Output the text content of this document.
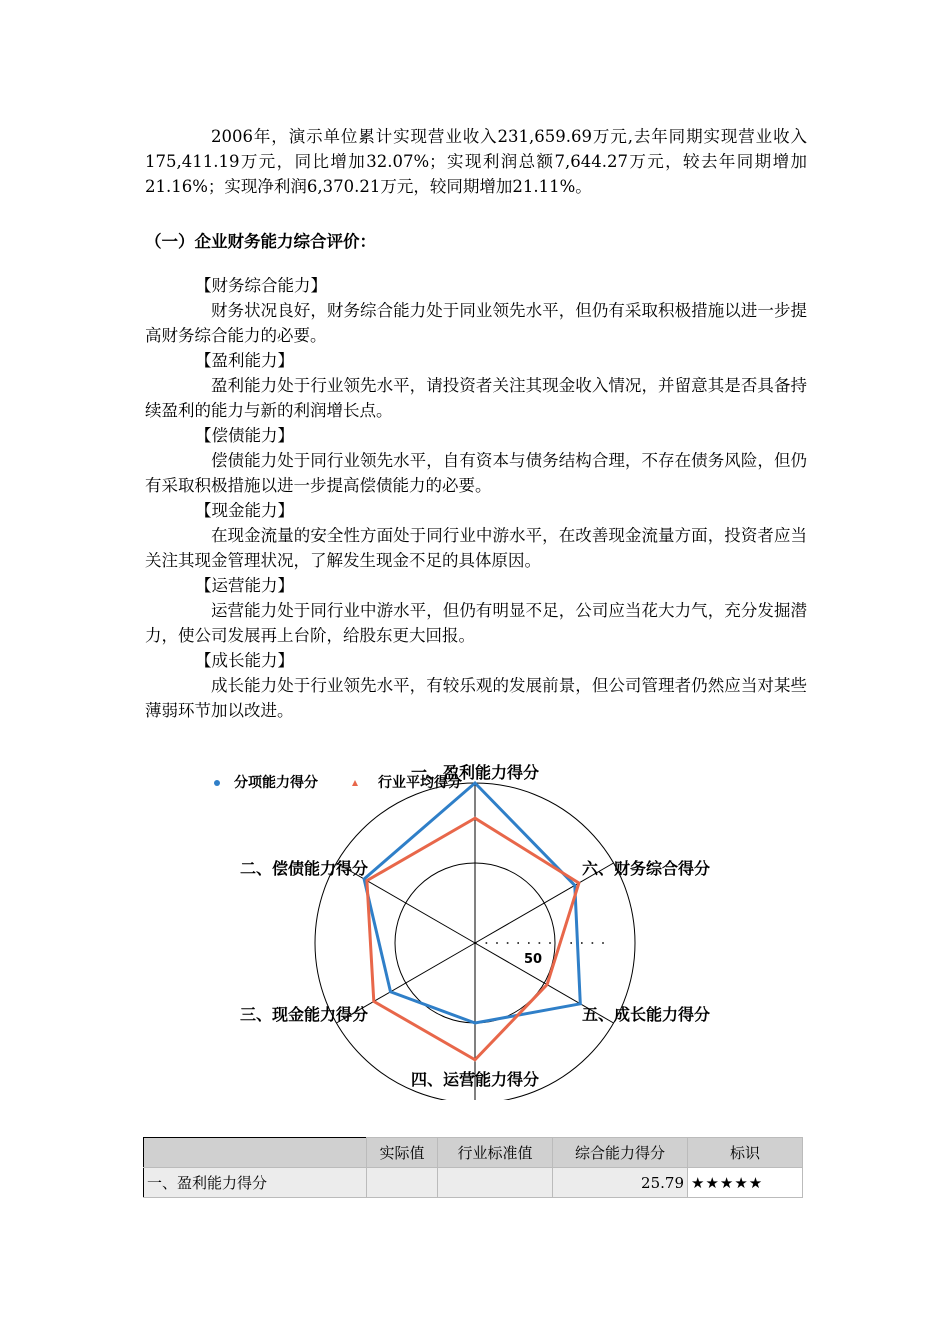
2006年，演示单位累计实现营业收入231,659.69万元,去年同期实现营业收入175,411.19万元，同比增加32.07%；实现利润总额7,644.27万元，较去年同期增加21.16%；实现净利润6,370.21万元，较同期增加21.11%。
（一）企业财务能力综合评价：
【财务综合能力】
财务状况良好，财务综合能力处于同业领先水平，但仍有采取积极措施以进一步提高财务综合能力的必要。
【盈利能力】
盈利能力处于行业领先水平，请投资者关注其现金收入情况，并留意其是否具备持续盈利的能力与新的利润增长点。
【偿债能力】
偿债能力处于同行业领先水平，自有资本与债务结构合理，不存在债务风险，但仍有采取积极措施以进一步提高偿债能力的必要。
【现金能力】
在现金流量的安全性方面处于同行业中游水平，在改善现金流量方面，投资者应当关注其现金管理状况，了解发生现金不足的具体原因。
【运营能力】
运营能力处于同行业中游水平，但仍有明显不足，公司应当花大力气，充分发掘潜力，使公司发展再上台阶，给股东更大回报。
【成长能力】
成长能力处于行业领先水平，有较乐观的发展前景，但公司管理者仍然应当对某些薄弱环节加以改进。
50
一、盈利能力得分
六、财务综合得分
五、成长能力得分
四、运营能力得分
三、现金能力得分
二、偿债能力得分
分项能力得分	行业平均得分
	实际值	行业标准值	综合能力得分	标识
一、盈利能力得分			25.79	★★★★★
